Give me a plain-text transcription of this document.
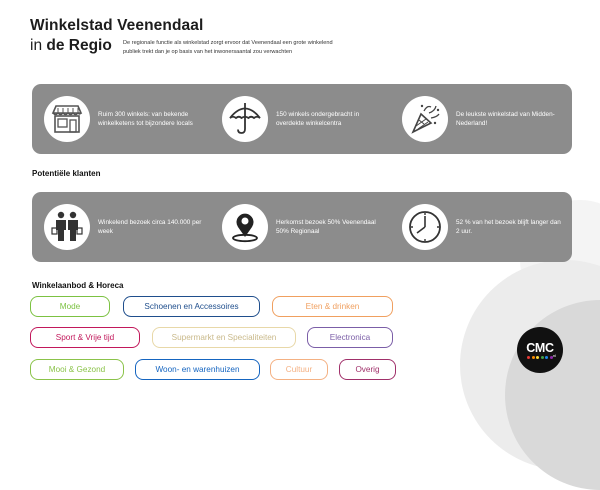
Winkelstad Veenendaal
in de Regio De regionale functie als winkelstad zorgt ervoor dat Veenendaal een grote winkelend publiek trekt dan je op basis van het inwonersaantal zou verwachten
Ruim 300 winkels: van bekende winkelketens tot bijzondere locals
150 winkels ondergebracht in overdekte winkelcentra
De leukste winkelstad van Midden-Nederland!
Potentiële klanten
Winkelend bezoek circa 140.000 per week
Herkomst bezoek 50% Veenendaal 50% Regionaal
52 % van het bezoek blijft langer dan 2 uur.
Winkelaanbod & Horeca
Mode	Schoenen en Accessoires	Eten & drinken
Sport & Vrije tijd	Supermarkt en Specialiteiten	Electronica
Mooi & Gezond	Woon- en warenhuizen	Cultuur	Overig
CMC
.nl
